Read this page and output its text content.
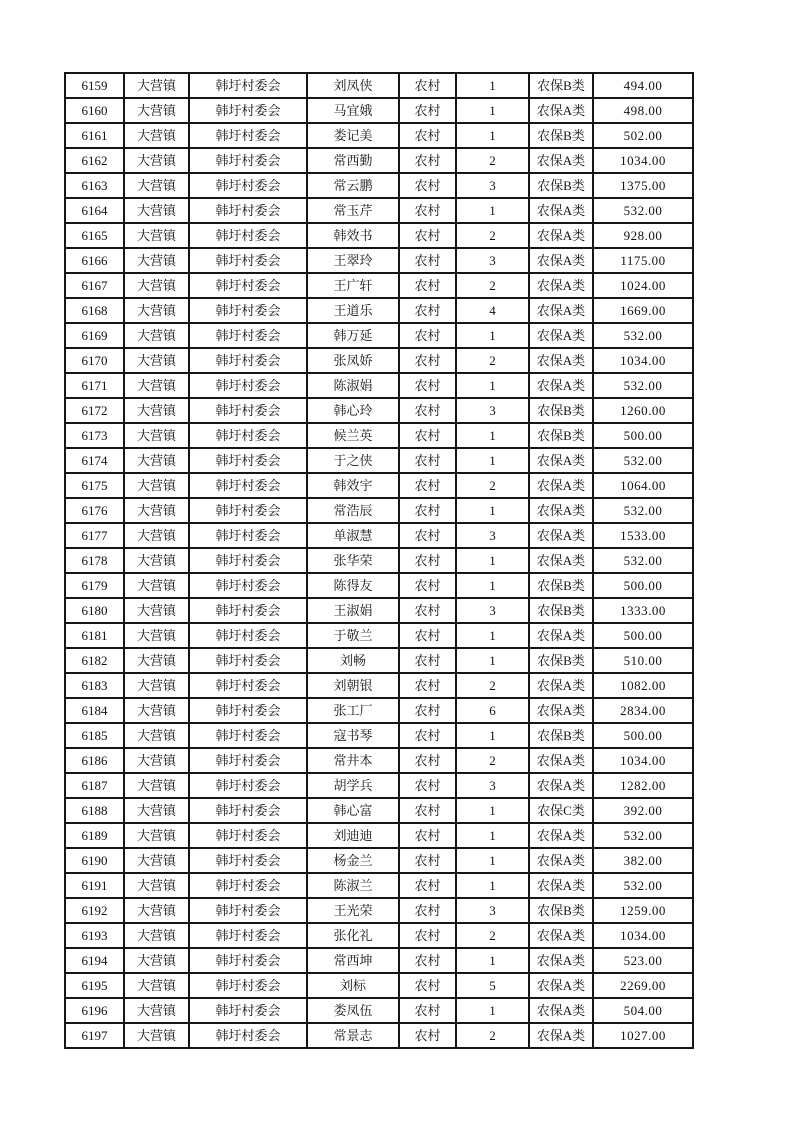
6159	大营镇	韩圩村委会	刘凤侠	农村	1	农保B类	494.00
6160	大营镇	韩圩村委会	马宜娥	农村	1	农保A类	498.00
6161	大营镇	韩圩村委会	娄记美	农村	1	农保B类	502.00
6162	大营镇	韩圩村委会	常西勤	农村	2	农保A类	1034.00
6163	大营镇	韩圩村委会	常云鹏	农村	3	农保B类	1375.00
6164	大营镇	韩圩村委会	常玉芹	农村	1	农保A类	532.00
6165	大营镇	韩圩村委会	韩效书	农村	2	农保A类	928.00
6166	大营镇	韩圩村委会	王翠玲	农村	3	农保A类	1175.00
6167	大营镇	韩圩村委会	王广轩	农村	2	农保A类	1024.00
6168	大营镇	韩圩村委会	王道乐	农村	4	农保A类	1669.00
6169	大营镇	韩圩村委会	韩万延	农村	1	农保A类	532.00
6170	大营镇	韩圩村委会	张凤娇	农村	2	农保A类	1034.00
6171	大营镇	韩圩村委会	陈淑娟	农村	1	农保A类	532.00
6172	大营镇	韩圩村委会	韩心玲	农村	3	农保B类	1260.00
6173	大营镇	韩圩村委会	候兰英	农村	1	农保B类	500.00
6174	大营镇	韩圩村委会	于之侠	农村	1	农保A类	532.00
6175	大营镇	韩圩村委会	韩效宇	农村	2	农保A类	1064.00
6176	大营镇	韩圩村委会	常浩辰	农村	1	农保A类	532.00
6177	大营镇	韩圩村委会	单淑慧	农村	3	农保A类	1533.00
6178	大营镇	韩圩村委会	张华荣	农村	1	农保A类	532.00
6179	大营镇	韩圩村委会	陈得友	农村	1	农保B类	500.00
6180	大营镇	韩圩村委会	王淑娟	农村	3	农保B类	1333.00
6181	大营镇	韩圩村委会	于敬兰	农村	1	农保A类	500.00
6182	大营镇	韩圩村委会	刘畅	农村	1	农保B类	510.00
6183	大营镇	韩圩村委会	刘朝银	农村	2	农保A类	1082.00
6184	大营镇	韩圩村委会	张工厂	农村	6	农保A类	2834.00
6185	大营镇	韩圩村委会	寇书琴	农村	1	农保B类	500.00
6186	大营镇	韩圩村委会	常井本	农村	2	农保A类	1034.00
6187	大营镇	韩圩村委会	胡学兵	农村	3	农保A类	1282.00
6188	大营镇	韩圩村委会	韩心富	农村	1	农保C类	392.00
6189	大营镇	韩圩村委会	刘迪迪	农村	1	农保A类	532.00
6190	大营镇	韩圩村委会	杨金兰	农村	1	农保A类	382.00
6191	大营镇	韩圩村委会	陈淑兰	农村	1	农保A类	532.00
6192	大营镇	韩圩村委会	王光荣	农村	3	农保B类	1259.00
6193	大营镇	韩圩村委会	张化礼	农村	2	农保A类	1034.00
6194	大营镇	韩圩村委会	常西坤	农村	1	农保A类	523.00
6195	大营镇	韩圩村委会	刘标	农村	5	农保A类	2269.00
6196	大营镇	韩圩村委会	娄凤伍	农村	1	农保A类	504.00
6197	大营镇	韩圩村委会	常景志	农村	2	农保A类	1027.00
